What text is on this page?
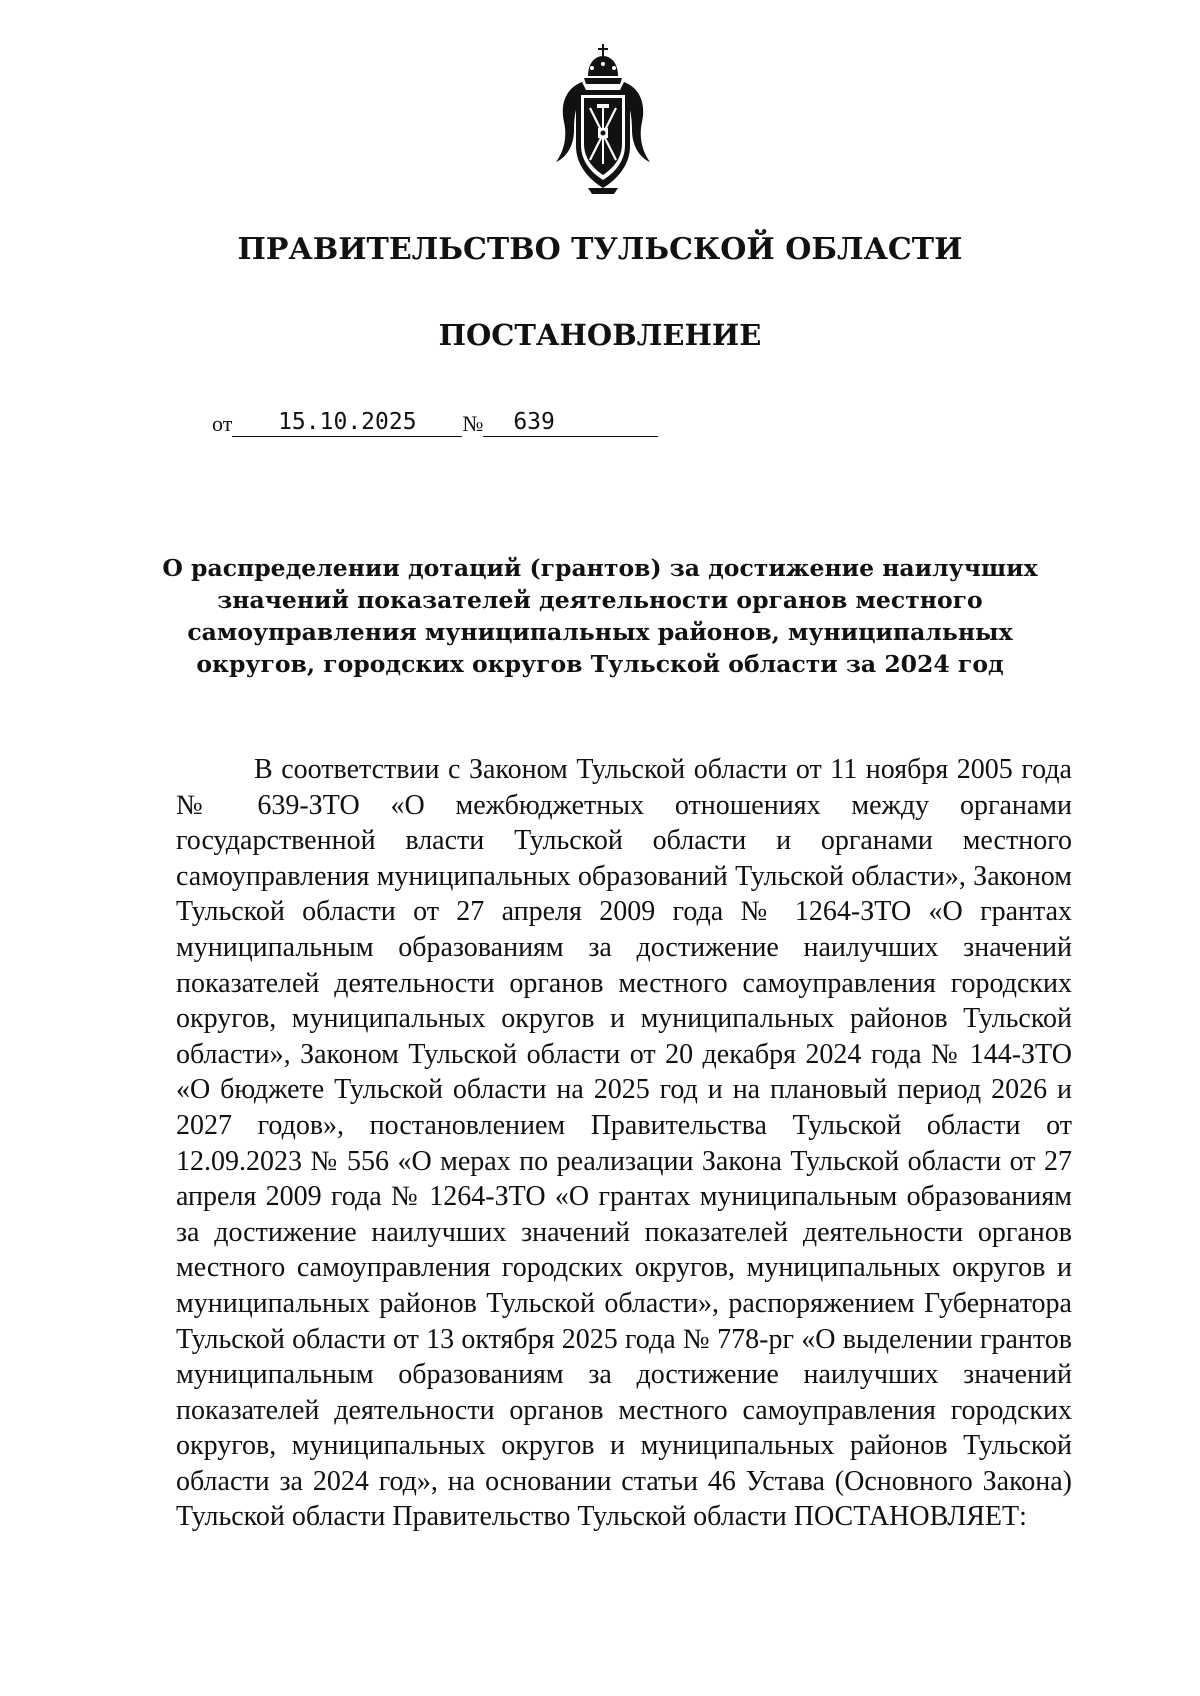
ПРАВИТЕЛЬСТВО ТУЛЬСКОЙ ОБЛАСТИ
ПОСТАНОВЛЕНИЕ
от 15.10.2025 № 639
О распределении дотаций (грантов) за достижение наилучших значений показателей деятельности органов местного самоуправления муниципальных районов, муниципальных округов, городских округов Тульской области за 2024 год
В соответствии с Законом Тульской области от 11 ноября 2005 года № 639-ЗТО «О межбюджетных отношениях между органами государственной власти Тульской области и органами местного самоуправления муниципальных образований Тульской области», Законом Тульской области от 27 апреля 2009 года № 1264-ЗТО «О грантах муниципальным образованиям за достижение наилучших значений показателей деятельности органов местного самоуправления городских округов, муниципальных округов и муниципальных районов Тульской области», Законом Тульской области от 20 декабря 2024 года № 144-ЗТО «О бюджете Тульской области на 2025 год и на плановый период 2026 и 2027 годов», постановлением Правительства Тульской области от 12.09.2023 № 556 «О мерах по реализации Закона Тульской области от 27 апреля 2009 года № 1264-ЗТО «О грантах муниципальным образованиям за достижение наилучших значений показателей деятельности органов местного самоуправления городских округов, муниципальных округов и муниципальных районов Тульской области», распоряжением Губернатора Тульской области от 13 октября 2025 года № 778-рг «О выделении грантов муниципальным образованиям за достижение наилучших значений показателей деятельности органов местного самоуправления городских округов, муниципальных округов и муниципальных районов Тульской области за 2024 год», на основании статьи 46 Устава (Основного Закона) Тульской области Правительство Тульской области ПОСТАНОВЛЯЕТ:
